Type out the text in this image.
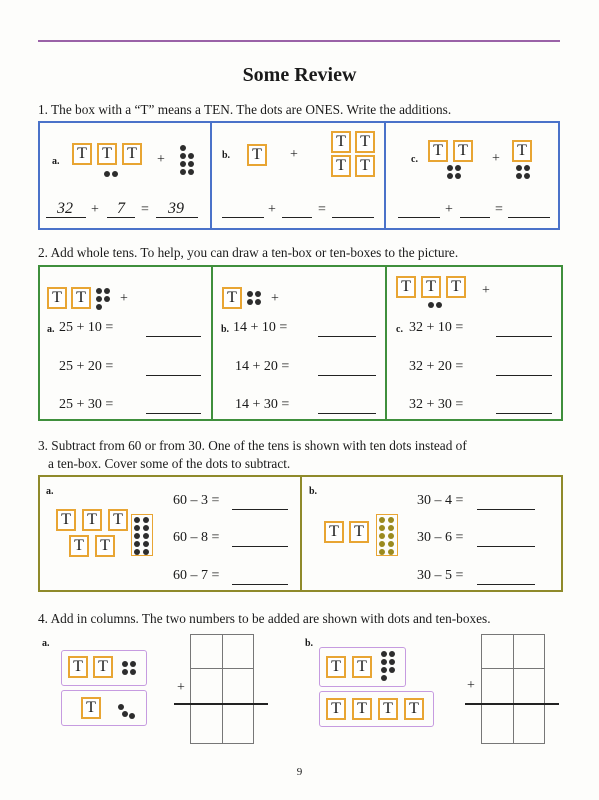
Some Review
1. The box with a “T” means a TEN. The dots are ONES. Write the additions.
a. T T T +
32 + 7 = 39
b. T +
T T
T T
+	=
c.
T T + T
+	=
2. Add whole tens. To help, you can draw a ten-box or ten-boxes to the picture.
T T +
a. 25 + 10 =
25 + 20 =
25 + 30 =
T +
b. 14 + 10 =
14 + 20 =
14 + 30 =
T T T +
c. 32 + 10 =
32 + 20 =
32 + 30 =
3. Subtract from 60 or from 30. One of the tens is shown with ten dots instead of
a ten-box. Cover some of the dots to subtract.
a.
T T T
T T
60 – 3 =
60 – 8 =
60 – 7 =
b.
T T
30 – 4 =
30 – 6 =
30 – 5 =
4. Add in columns. The two numbers to be added are shown with dots and ten-boxes.
a.
T T
T
+
b.
T T
T T T T
+
9
